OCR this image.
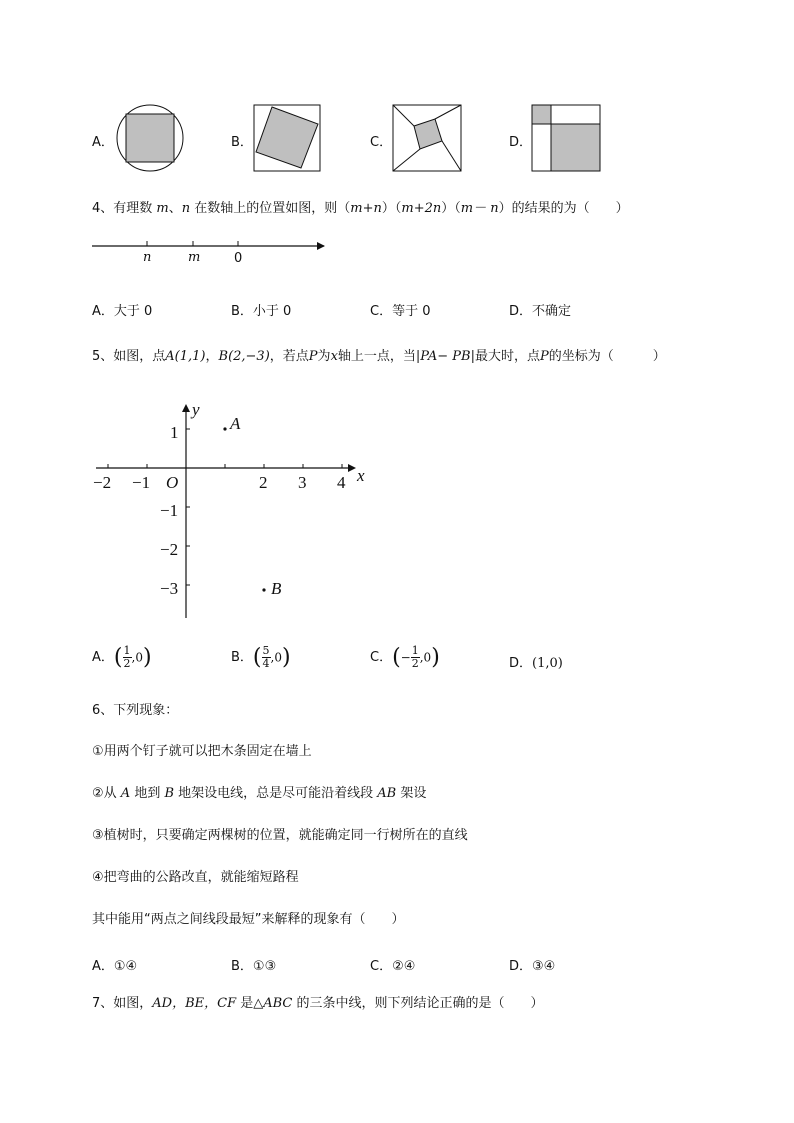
A．	B．	C．	D．
4、有理数 m、n 在数轴上的位置如图，则（m+n）（m+2n）（m－ n）的结果的为（　　）
n	m	0
A．大于 0	B．小于 0	C．等于 0	D．不确定
5、如图，点A(1,1)，B(2,−3)，若点P为x轴上一点，当|PA− PB|最大时，点P的坐标为（　　　）
−2 −1 O	2 3 4 x
y
1
−1
−2
−3
A
B
A．( $\frac{1}{2} ,0$)	B．( $\frac{5}{4} ,0$)	C．(− $\frac{1}{2} ,0$)	D．(1,0)
6、下列现象：
①用两个钉子就可以把木条固定在墙上
②从 A 地到 B 地架设电线，总是尽可能沿着线段 AB 架设
③植树时，只要确定两棵树的位置，就能确定同一行树所在的直线
④把弯曲的公路改直，就能缩短路程
其中能用“两点之间线段最短”来解释的现象有（　　）
A．①④	B．①③	C．②④	D．③④
7、如图，AD，BE，CF 是△ABC 的三条中线，则下列结论正确的是（　　）
